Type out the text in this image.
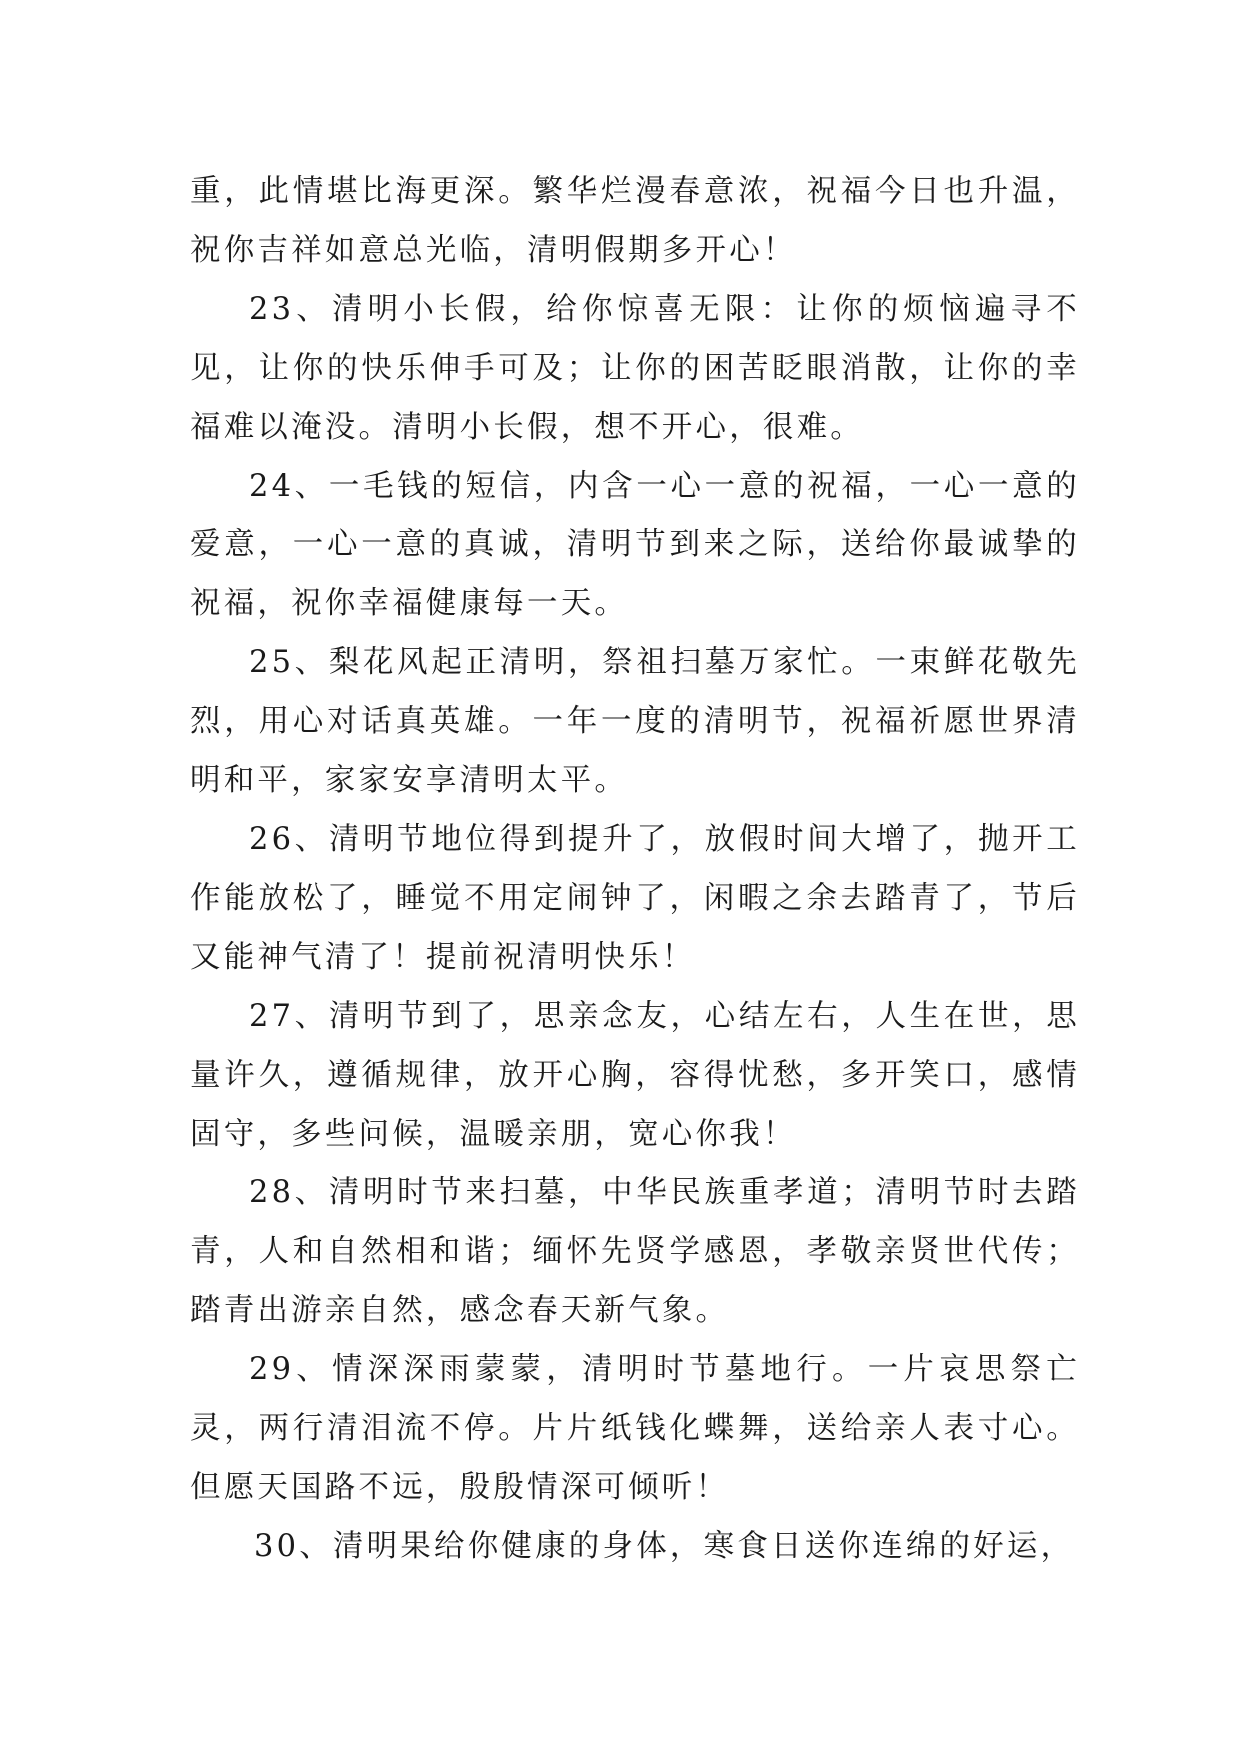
重，此情堪比海更深。繁华烂漫春意浓，祝福今日也升温，祝你吉祥如意总光临，清明假期多开心！

23、清明小长假，给你惊喜无限：让你的烦恼遍寻不见，让你的快乐伸手可及；让你的困苦眨眼消散，让你的幸福难以淹没。清明小长假，想不开心，很难。

24、一毛钱的短信，内含一心一意的祝福，一心一意的爱意，一心一意的真诚，清明节到来之际，送给你最诚挚的祝福，祝你幸福健康每一天。

25、梨花风起正清明，祭祖扫墓万家忙。一束鲜花敬先烈，用心对话真英雄。一年一度的清明节，祝福祈愿世界清明和平，家家安享清明太平。

26、清明节地位得到提升了，放假时间大增了，抛开工作能放松了，睡觉不用定闹钟了，闲暇之余去踏青了，节后又能神气清了！提前祝清明快乐！

27、清明节到了，思亲念友，心结左右，人生在世，思量许久，遵循规律，放开心胸，容得忧愁，多开笑口，感情固守，多些问候，温暖亲朋，宽心你我！

28、清明时节来扫墓，中华民族重孝道；清明节时去踏青，人和自然相和谐；缅怀先贤学感恩，孝敬亲贤世代传；踏青出游亲自然，感念春天新气象。

29、情深深雨蒙蒙，清明时节墓地行。一片哀思祭亡灵，两行清泪流不停。片片纸钱化蝶舞，送给亲人表寸心。但愿天国路不远，殷殷情深可倾听！

30、清明果给你健康的身体，寒食日送你连绵的好运，
